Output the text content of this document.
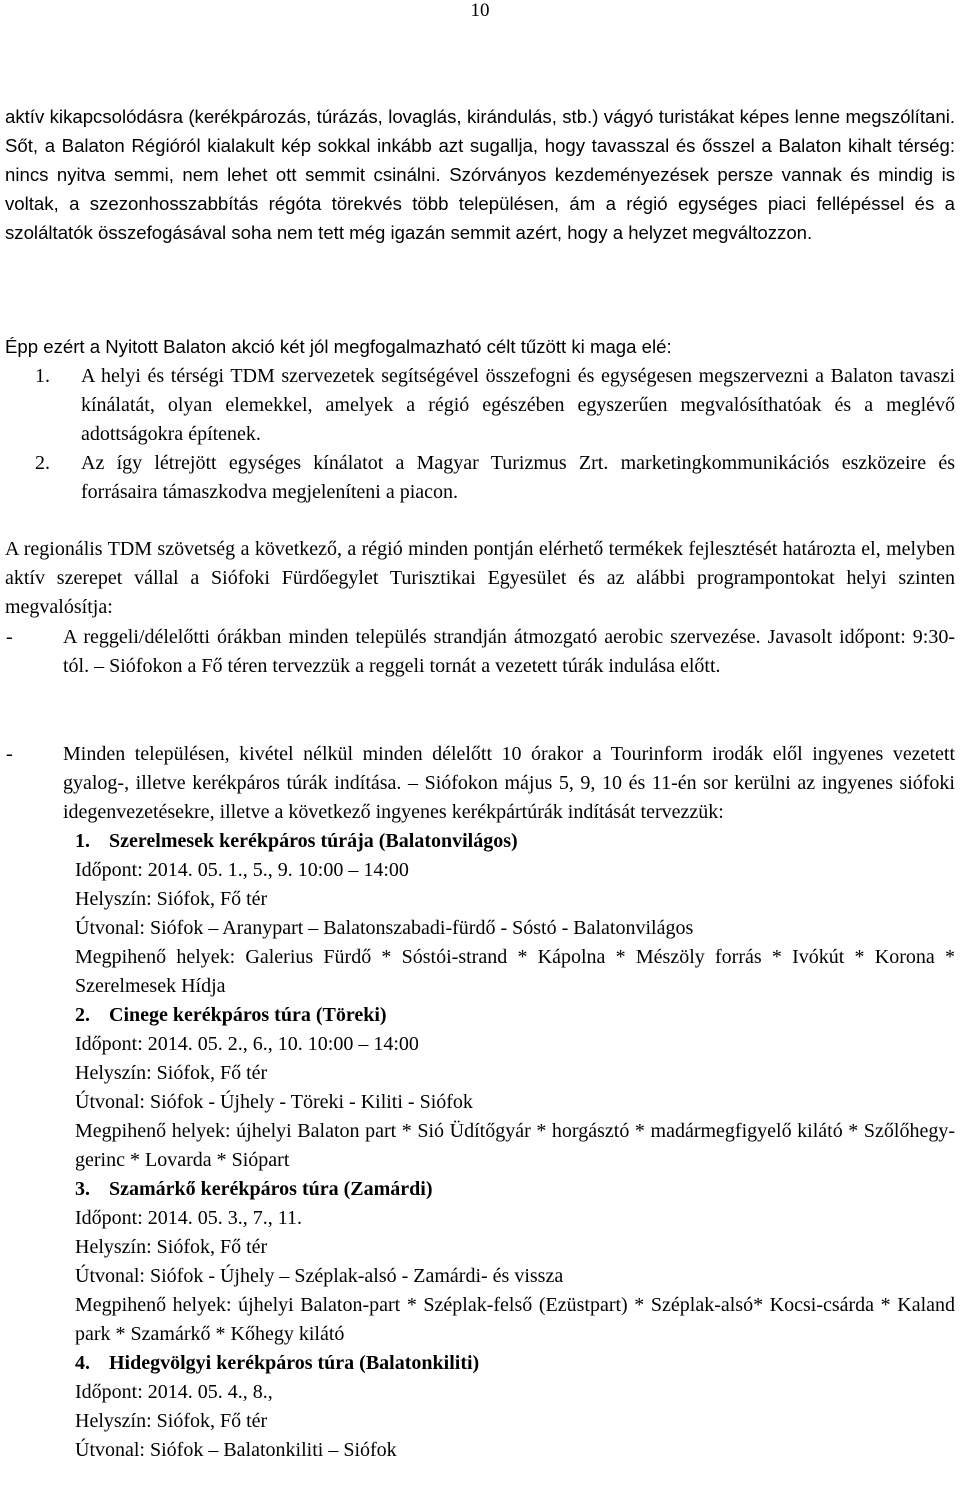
10

aktív kikapcsolódásra (kerékpározás, túrázás, lovaglás, kirándulás, stb.) vágyó turistákat képes lenne megszólítani. Sőt, a Balaton Régióról kialakult kép sokkal inkább azt sugallja, hogy tavasszal és ősszel a Balaton kihalt térség: nincs nyitva semmi, nem lehet ott semmit csinálni. Szórványos kezdeményezések persze vannak és mindig is voltak, a szezonhosszabbítás régóta törekvés több településen, ám a régió egységes piaci fellépéssel és a szoláltatók összefogásával soha nem tett még igazán semmit azért, hogy a helyzet megváltozzon.

Épp ezért a Nyitott Balaton akció két jól megfogalmazható célt tűzött ki maga elé:
1. A helyi és térségi TDM szervezetek segítségével összefogni és egységesen megszervezni a Balaton tavaszi kínálatát, olyan elemekkel, amelyek a régió egészében egyszerűen megvalósíthatóak és a meglévő adottságokra építenek.
2. Az így létrejött egységes kínálatot a Magyar Turizmus Zrt. marketingkommunikációs eszközeire és forrásaira támaszkodva megjeleníteni a piacon.

A regionális TDM szövetség a következő, a régió minden pontján elérhető termékek fejlesztését határozta el, melyben aktív szerepet vállal a Siófoki Fürdőegylet Turisztikai Egyesület és az alábbi programpontokat helyi szinten megvalósítja:

-	A reggeli/délelőtti órákban minden település strandján átmozgató aerobic szervezése. Javasolt időpont: 9:30-tól. – Siófokon a Fő téren tervezzük a reggeli tornát a vezetett túrák indulása előtt.
-	Minden településen, kivétel nélkül minden délelőtt 10 órakor a Tourinform irodák elől ingyenes vezetett gyalog-, illetve kerékpáros túrák indítása. – Siófokon május 5, 9, 10 és 11-én sor kerülni az ingyenes siófoki idegenvezetésekre, illetve a következő ingyenes kerékpártúrák indítását tervezzük:
1. Szerelmesek kerékpáros túrája (Balatonvilágos)
Időpont: 2014. 05. 1., 5., 9. 10:00 – 14:00
Helyszín: Siófok, Fő tér
Útvonal: Siófok – Aranypart – Balatonszabadi-fürdő - Sóstó - Balatonvilágos
Megpihenő helyek: Galerius Fürdő * Sóstói-strand * Kápolna * Mészöly forrás * Ivókút * Korona * Szerelmesek Hídja
2. Cinege kerékpáros túra (Töreki)
Időpont: 2014. 05. 2., 6., 10. 10:00 – 14:00
Helyszín: Siófok, Fő tér
Útvonal: Siófok - Újhely - Töreki - Kiliti - Siófok
Megpihenő helyek: újhelyi Balaton part * Sió Üdítőgyár * horgásztó * madármegfigyelő kilátó * Szőlőhegy-gerinc * Lovarda * Siópart
3. Szamárkő kerékpáros túra (Zamárdi)
Időpont: 2014. 05. 3., 7., 11.
Helyszín: Siófok, Fő tér
Útvonal: Siófok - Újhely – Széplak-alsó - Zamárdi- és vissza
Megpihenő helyek: újhelyi Balaton-part * Széplak-felső (Ezüstpart) * Széplak-alsó* Kocsi-csárda * Kaland park * Szamárkő * Kőhegy kilátó
4. Hidegvölgyi kerékpáros túra (Balatonkiliti)
Időpont: 2014. 05. 4., 8.,
Helyszín: Siófok, Fő tér
Útvonal: Siófok – Balatonkiliti – Siófok
